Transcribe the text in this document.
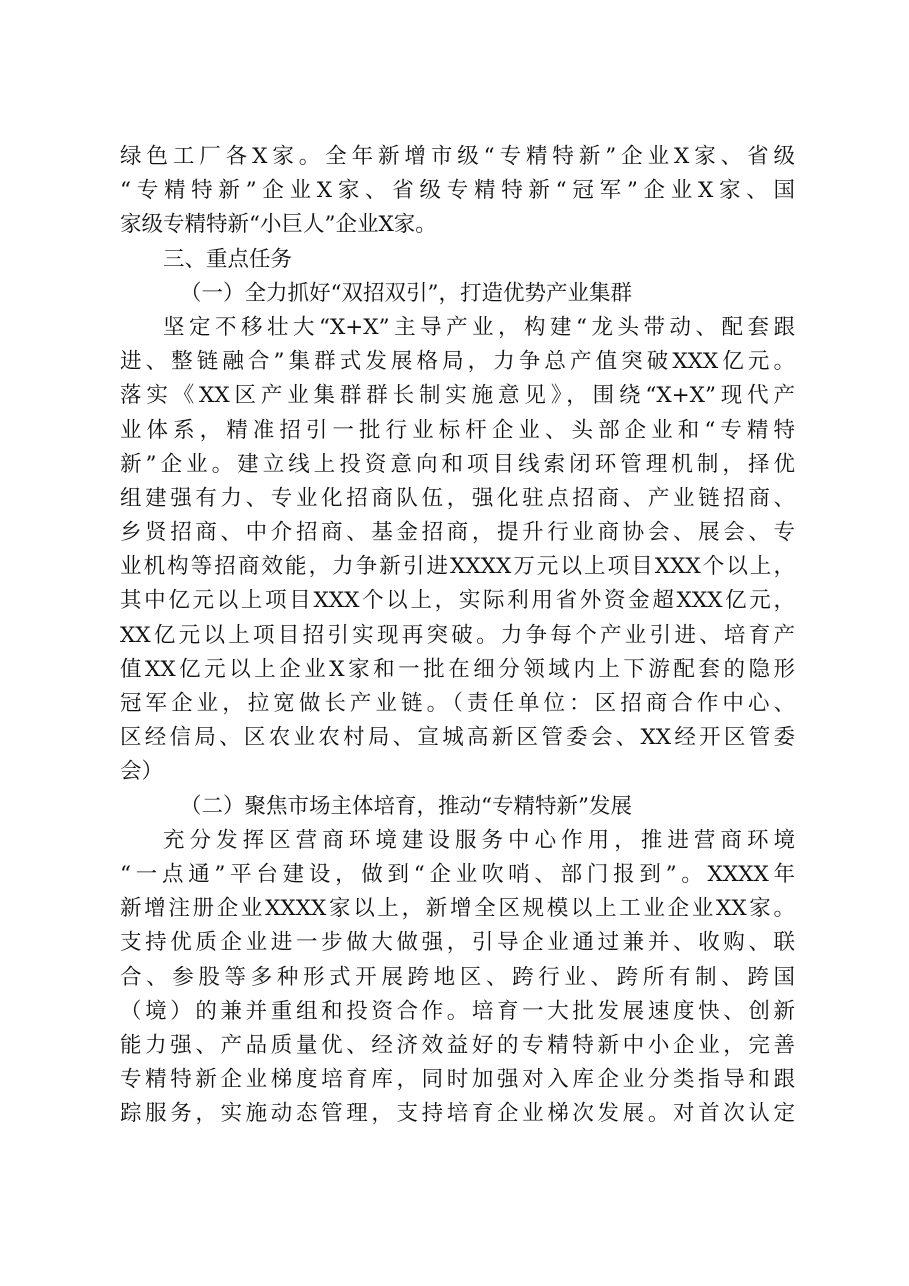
绿色工厂各X家。全年新增市级“专精特新”企业X家、省级
“专精特新”企业X家、省级专精特新“冠军”企业X家、国
家级专精特新“小巨人”企业X家。
三、重点任务
（一）全力抓好“双招双引”，打造优势产业集群
坚定不移壮大“X+X”主导产业，构建“龙头带动、配套跟
进、整链融合”集群式发展格局，力争总产值突破XXX亿元。
落实《XX区产业集群群长制实施意见》，围绕“X+X”现代产
业体系，精准招引一批行业标杆企业、头部企业和“专精特
新”企业。建立线上投资意向和项目线索闭环管理机制，择优
组建强有力、专业化招商队伍，强化驻点招商、产业链招商、
乡贤招商、中介招商、基金招商，提升行业商协会、展会、专
业机构等招商效能，力争新引进XXXX万元以上项目XXX个以上，
其中亿元以上项目XXX个以上，实际利用省外资金超XXX亿元，
XX亿元以上项目招引实现再突破。力争每个产业引进、培育产
值XX亿元以上企业X家和一批在细分领域内上下游配套的隐形
冠军企业，拉宽做长产业链。（责任单位：区招商合作中心、
区经信局、区农业农村局、宣城高新区管委会、XX经开区管委
会）
（二）聚焦市场主体培育，推动“专精特新”发展
充分发挥区营商环境建设服务中心作用，推进营商环境
“一点通”平台建设，做到“企业吹哨、部门报到”。XXXX年
新增注册企业XXXX家以上，新增全区规模以上工业企业XX家。
支持优质企业进一步做大做强，引导企业通过兼并、收购、联
合、参股等多种形式开展跨地区、跨行业、跨所有制、跨国
（境）的兼并重组和投资合作。培育一大批发展速度快、创新
能力强、产品质量优、经济效益好的专精特新中小企业，完善
专精特新企业梯度培育库，同时加强对入库企业分类指导和跟
踪服务，实施动态管理，支持培育企业梯次发展。对首次认定
